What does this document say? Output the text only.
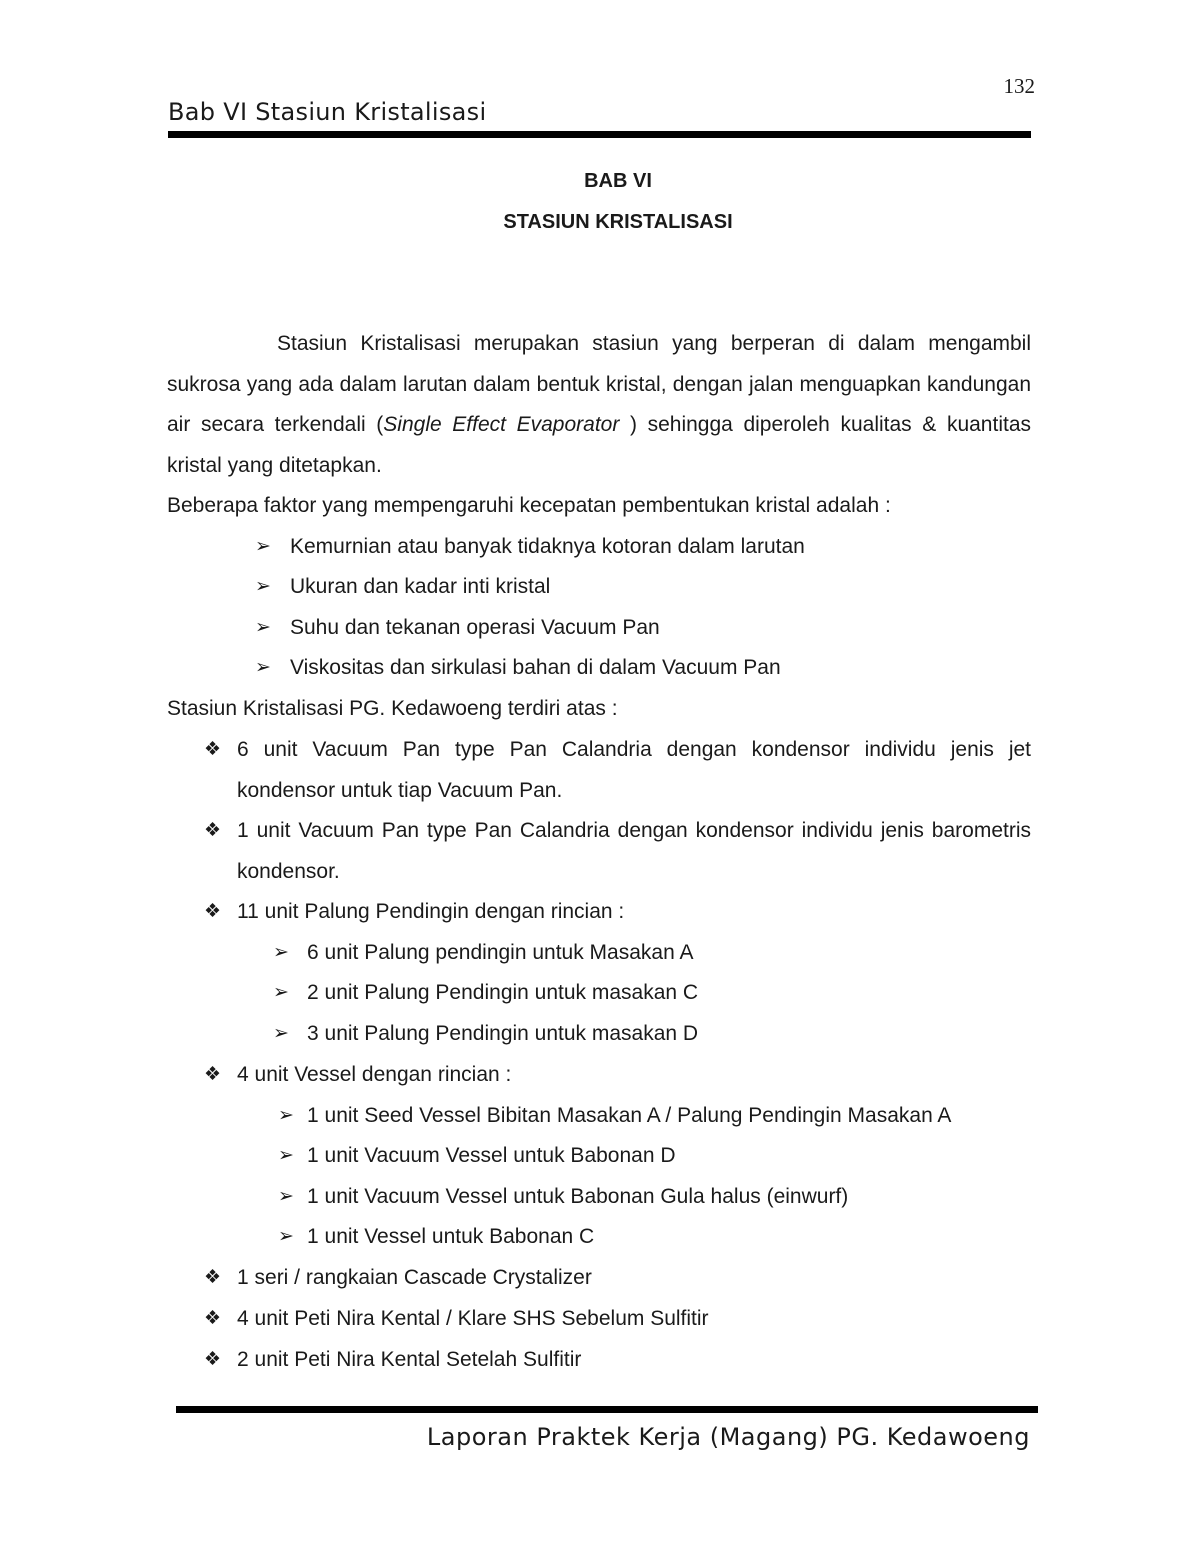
132
Bab VI Stasiun Kristalisasi
BAB VI
STASIUN KRISTALISASI
Stasiun Kristalisasi merupakan stasiun yang berperan di dalam mengambil sukrosa yang ada dalam larutan dalam bentuk kristal, dengan jalan menguapkan kandungan air secara terkendali (Single Effect Evaporator ) sehingga diperoleh kualitas & kuantitas kristal yang ditetapkan.
Beberapa faktor yang mempengaruhi kecepatan pembentukan kristal adalah :
➢ Kemurnian atau banyak tidaknya kotoran dalam larutan
➢ Ukuran dan kadar inti kristal
➢ Suhu dan tekanan operasi Vacuum Pan
➢ Viskositas dan sirkulasi bahan di dalam Vacuum Pan
Stasiun Kristalisasi PG. Kedawoeng terdiri atas :
❖ 6 unit Vacuum Pan type Pan Calandria dengan kondensor individu jenis jet kondensor untuk tiap Vacuum Pan.
❖ 1 unit Vacuum Pan type Pan Calandria dengan kondensor individu jenis barometris kondensor.
❖ 11 unit Palung Pendingin dengan rincian :
➢ 6 unit Palung pendingin untuk Masakan A
➢ 2 unit Palung Pendingin untuk masakan C
➢ 3 unit Palung Pendingin untuk masakan D
❖ 4 unit Vessel dengan rincian :
➢ 1 unit Seed Vessel Bibitan Masakan A / Palung Pendingin Masakan A
➢ 1 unit Vacuum Vessel untuk Babonan D
➢ 1 unit Vacuum Vessel untuk Babonan Gula halus (einwurf)
➢ 1 unit Vessel untuk Babonan C
❖ 1 seri / rangkaian Cascade Crystalizer
❖ 4 unit Peti Nira Kental / Klare SHS Sebelum Sulfitir
❖ 2 unit Peti Nira Kental Setelah Sulfitir
Laporan Praktek Kerja (Magang) PG. Kedawoeng
